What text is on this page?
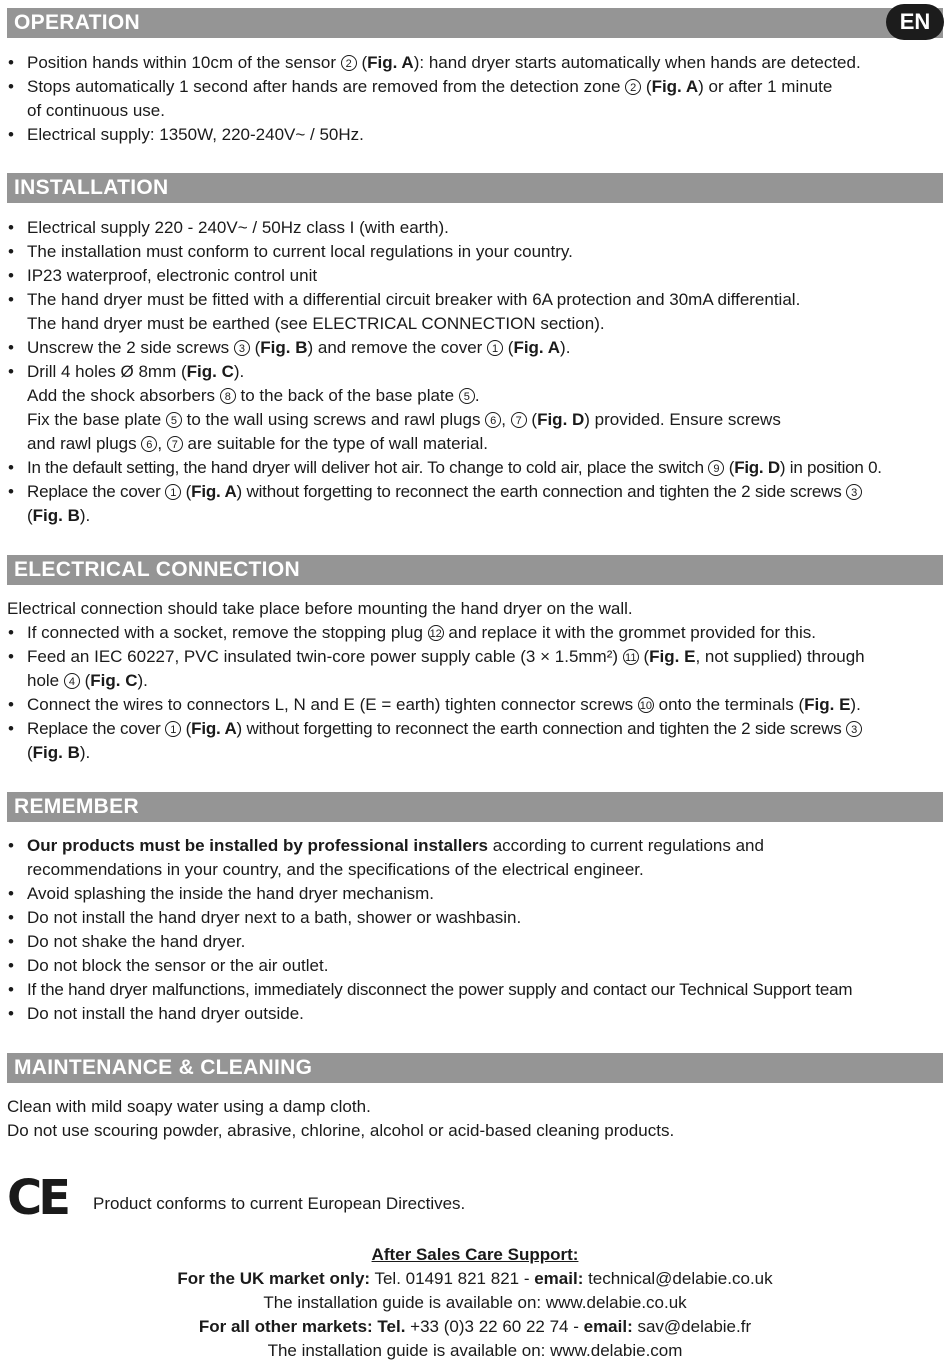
OPERATION	EN
• Position hands within 10cm of the sensor 2 (Fig. A): hand dryer starts automatically when hands are detected.
• Stops automatically 1 second after hands are removed from the detection zone 2 (Fig. A) or after 1 minute
of continuous use.
• Electrical supply: 1350W, 220-240V~ / 50Hz.
INSTALLATION
• Electrical supply 220 - 240V~ / 50Hz class I (with earth).
• The installation must conform to current local regulations in your country.
• IP23 waterproof, electronic control unit
• The hand dryer must be fitted with a differential circuit breaker with 6A protection and 30mA differential.
The hand dryer must be earthed (see ELECTRICAL CONNECTION section).
• Unscrew the 2 side screws 3 (Fig. B) and remove the cover 1 (Fig. A).
• Drill 4 holes Ø 8mm (Fig. C).
Add the shock absorbers 8 to the back of the base plate 5 .
Fix the base plate 5 to the wall using screws and rawl plugs 6 , 7 (Fig. D) provided. Ensure screws
and rawl plugs 6 , 7 are suitable for the type of wall material.
• In the default setting, the hand dryer will deliver hot air. To change to cold air, place the switch 9 (Fig. D) in position 0.
• Replace the cover 1 (Fig. A) without forgetting to reconnect the earth connection and tighten the 2 side screws 3
(Fig. B).
ELECTRICAL CONNECTION
Electrical connection should take place before mounting the hand dryer on the wall.
• If connected with a socket, remove the stopping plug 12 and replace it with the grommet provided for this.
• Feed an IEC 60227, PVC insulated twin-core power supply cable (3 × 1.5mm²) 11 (Fig. E, not supplied) through
hole 4 (Fig. C).
• Connect the wires to connectors L, N and E (E = earth) tighten connector screws 10 onto the terminals (Fig. E).
• Replace the cover 1 (Fig. A) without forgetting to reconnect the earth connection and tighten the 2 side screws 3
(Fig. B).
REMEMBER
• Our products must be installed by professional installers according to current regulations and
recommendations in your country, and the specifications of the electrical engineer.
• Avoid splashing the inside the hand dryer mechanism.
• Do not install the hand dryer next to a bath, shower or washbasin.
• Do not shake the hand dryer.
• Do not block the sensor or the air outlet.
• If the hand dryer malfunctions, immediately disconnect the power supply and contact our Technical Support team
• Do not install the hand dryer outside.
MAINTENANCE & CLEANING
Clean with mild soapy water using a damp cloth.
Do not use scouring powder, abrasive, chlorine, alcohol or acid-based cleaning products.
CE Product conforms to current European Directives.
After Sales Care Support:
For the UK market only: Tel. 01491 821 821 - email: technical@delabie.co.uk
The installation guide is available on: www.delabie.co.uk
For all other markets: Tel. +33 (0)3 22 60 22 74 - email: sav@delabie.fr
The installation guide is available on: www.delabie.com
